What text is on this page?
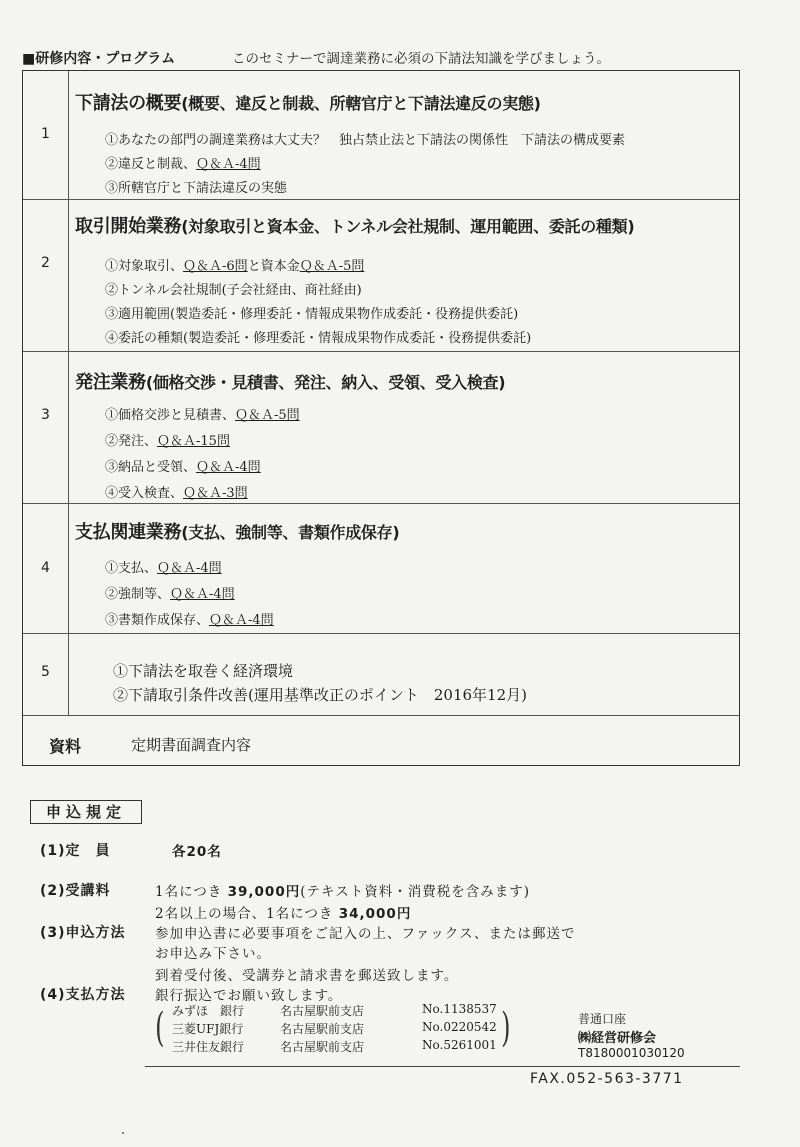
■研修内容・プログラム	このセミナーで調達業務に必須の下請法知識を学びましょう。
1
下請法の概要(概要、違反と制裁、所轄官庁と下請法違反の実態)
①あなたの部門の調達業務は大丈夫？　独占禁止法と下請法の関係性　下請法の構成要素
②違反と制裁、Ｑ＆Ａ-4問
③所轄官庁と下請法違反の実態
2
取引開始業務(対象取引と資本金、トンネル会社規制、運用範囲、委託の種類)
①対象取引、Ｑ＆Ａ-6問と資本金Ｑ＆Ａ-5問
②トンネル会社規制(子会社経由、商社経由)
③適用範囲(製造委託・修理委託・情報成果物作成委託・役務提供委託)
④委託の種類(製造委託・修理委託・情報成果物作成委託・役務提供委託)
3
発注業務(価格交渉・見積書、発注、納入、受領、受入検査)
①価格交渉と見積書、Ｑ＆Ａ-5問
②発注、Ｑ＆Ａ-15問
③納品と受領、Ｑ＆Ａ-4問
④受入検査、Ｑ＆Ａ-3問
4
支払関連業務(支払、強制等、書類作成保存)
①支払、Ｑ＆Ａ-4問
②強制等、Ｑ＆Ａ-4問
③書類作成保存、Ｑ＆Ａ-4問
5	①下請法を取巻く経済環境
②下請取引条件改善(運用基準改正のポイント　2016年12月)
資料	定期書面調査内容
申込規定
(1)定　員	各20名
(2)受講料	1名につき 39,000円(テキスト資料・消費税を含みます)
2名以上の場合、1名につき 34,000円
(3)申込方法 参加申込書に必要事項をご記入の上、ファックス、または郵送で
お申込み下さい。
到着受付後、受講券と請求書を郵送致します。
(4)支払方法 銀行振込でお願い致します。
(	)
みずほ　銀行	名古屋駅前支店	No.1138537
三菱UFJ銀行	名古屋駅前支店	No.0220542
三井住友銀行	名古屋駅前支店	No.5261001
普通口座
㈱経営研修会
T8180001030120
FAX.052-563-3771
